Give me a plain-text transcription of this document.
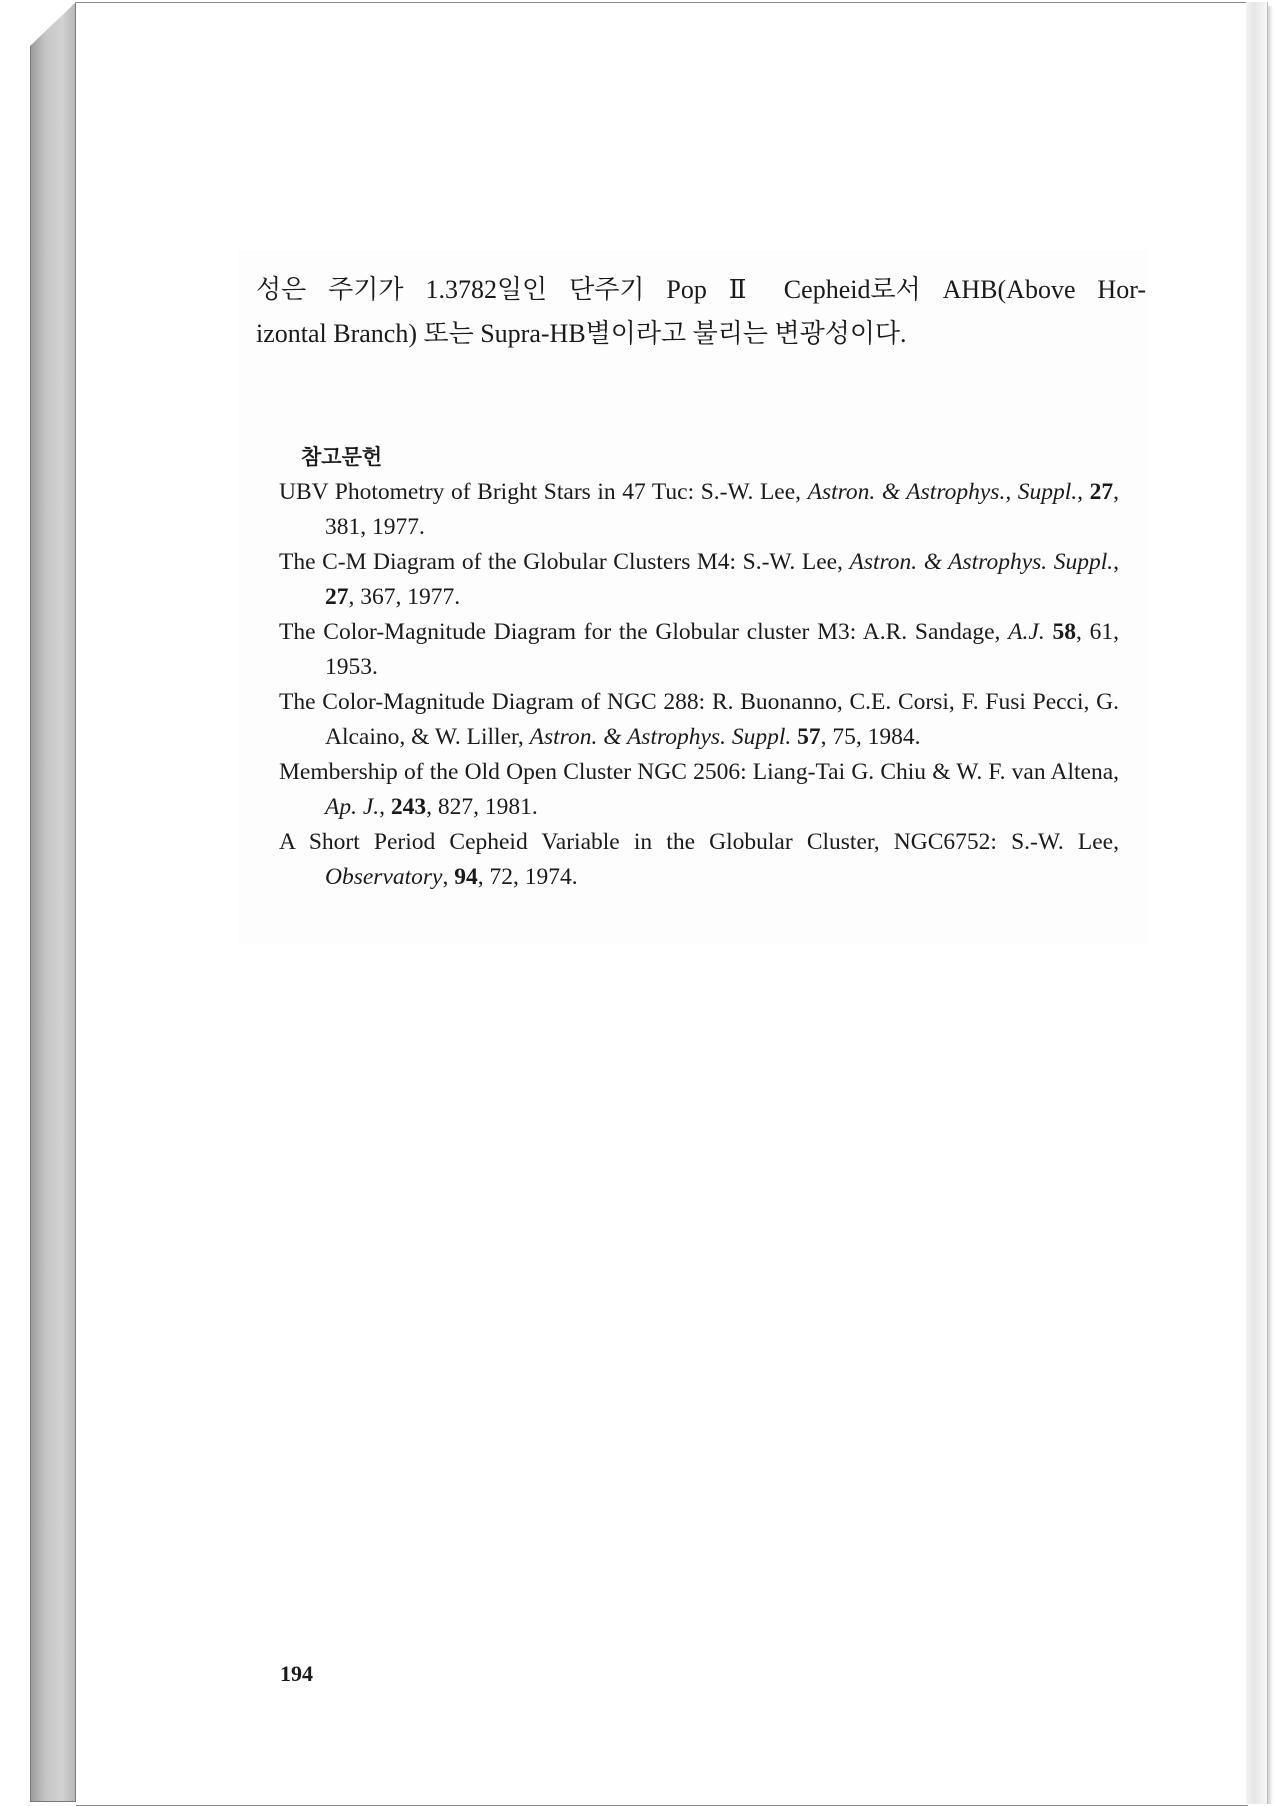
성은 주기가 1.3782일인 단주기 Pop Ⅱ Cepheid로서 AHB(Above Hor-
izontal Branch) 또는 Supra-HB별이라고 불리는 변광성이다.
참고문헌
UBV Photometry of Bright Stars in 47 Tuc: S.-W. Lee, Astron. & Astrophys., Suppl., 27, 381, 1977.
The C-M Diagram of the Globular Clusters M4: S.-W. Lee, Astron. & Astrophys. Suppl., 27, 367, 1977.
The Color-Magnitude Diagram for the Globular cluster M3: A.R. Sandage, A.J. 58, 61, 1953.
The Color-Magnitude Diagram of NGC 288: R. Buonanno, C.E. Corsi, F. Fusi Pecci, G. Alcaino, & W. Liller, Astron. & Astrophys. Suppl. 57, 75, 1984.
Membership of the Old Open Cluster NGC 2506: Liang-Tai G. Chiu & W. F. van Altena, Ap. J., 243, 827, 1981.
A Short Period Cepheid Variable in the Globular Cluster, NGC6752: S.-W. Lee, Observatory, 94, 72, 1974.
194
